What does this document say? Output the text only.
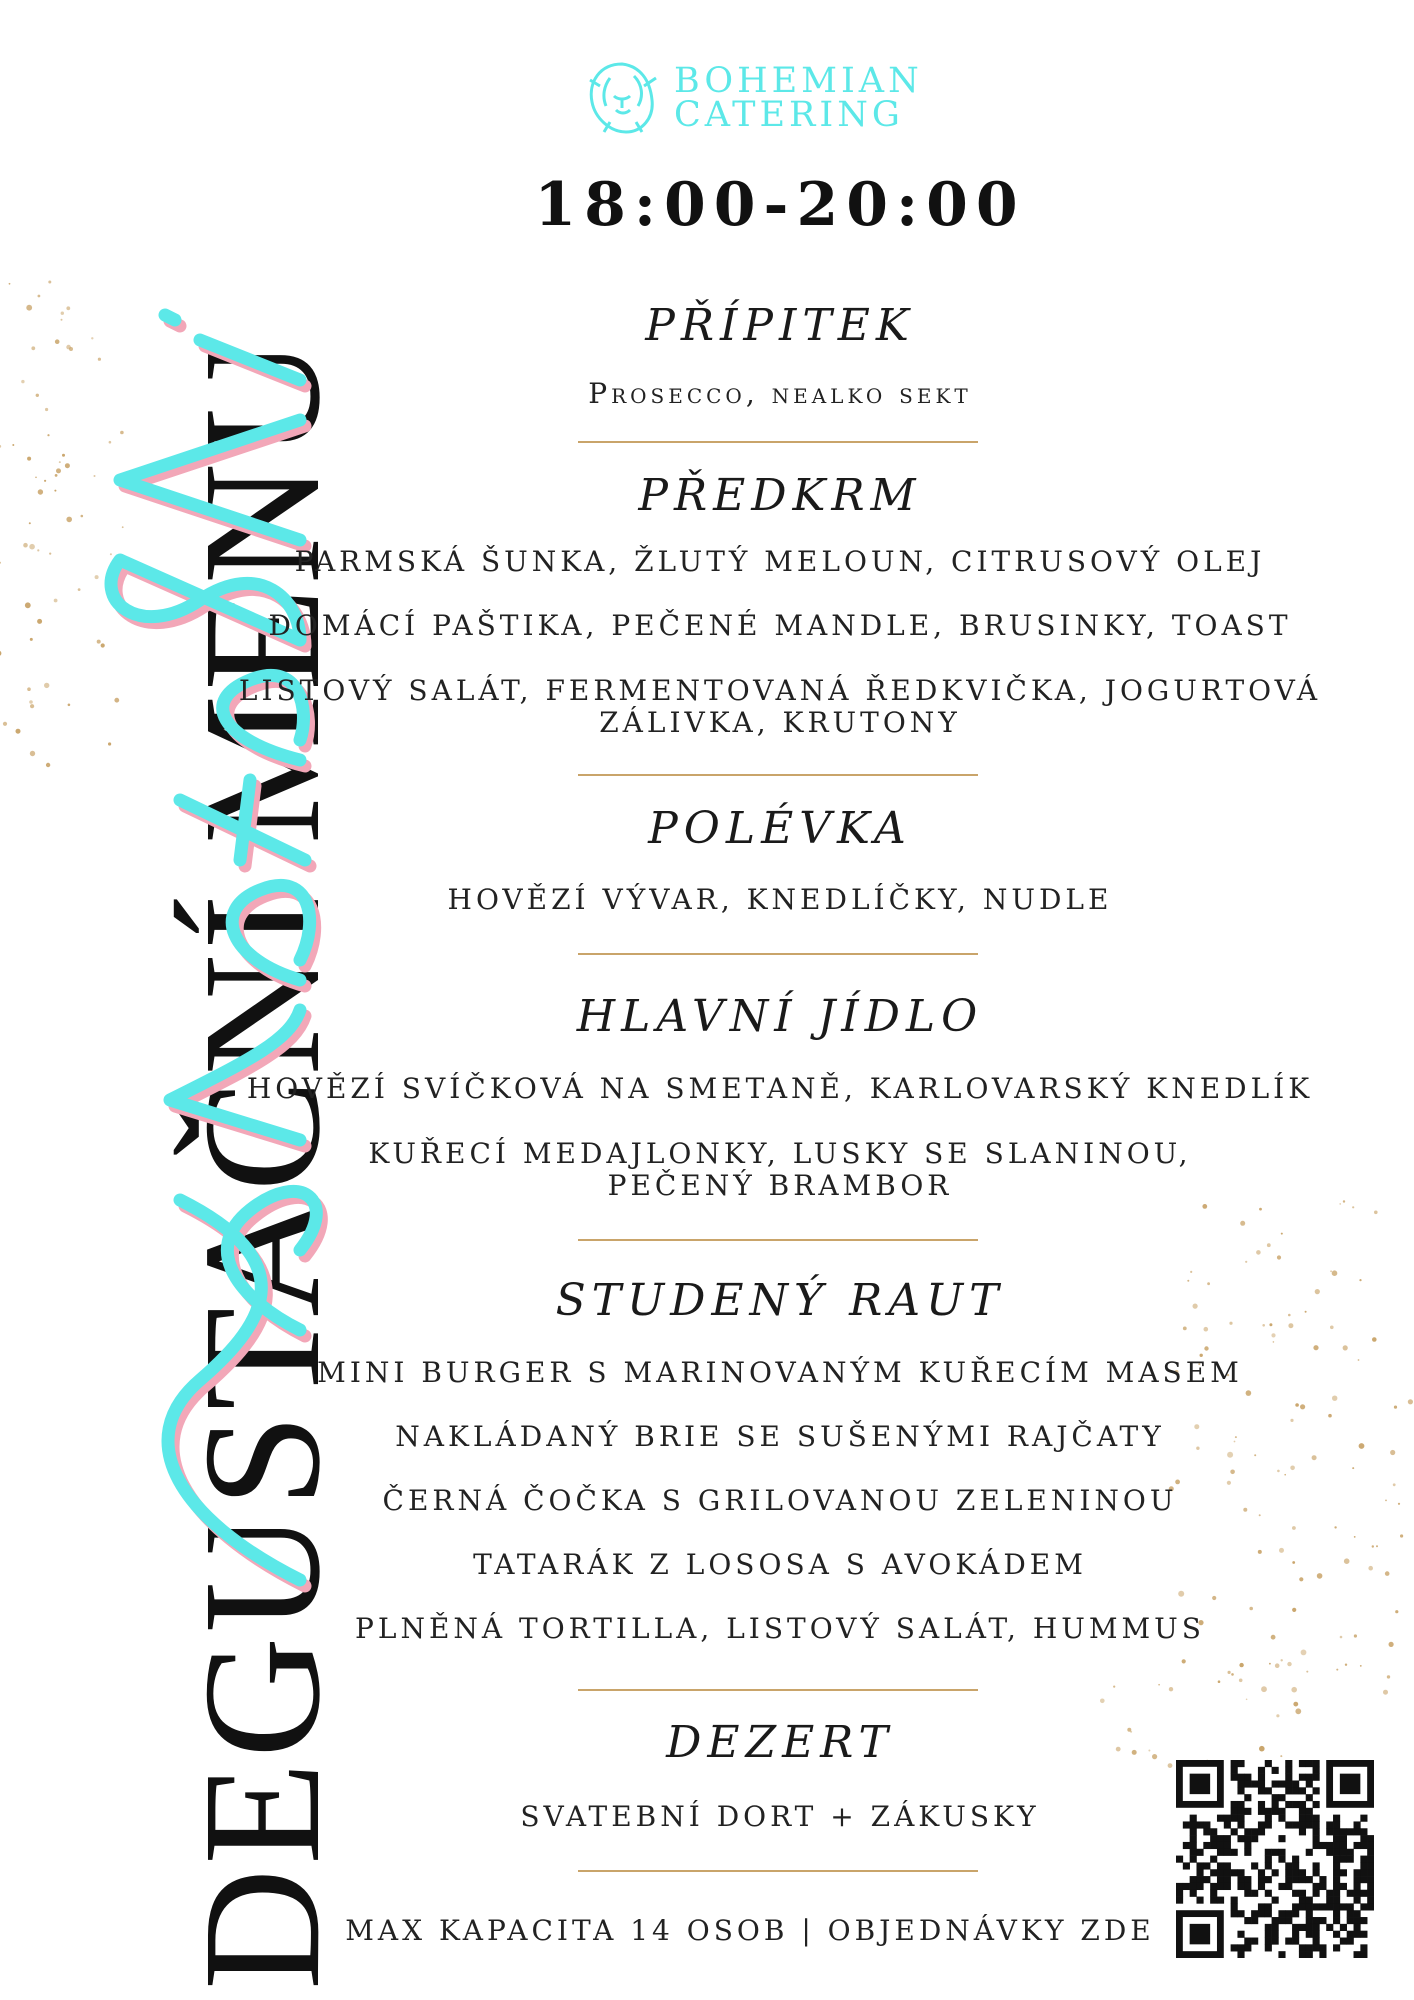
DEGUSTAČNÍ MENU
BOHEMIAN
CATERING
18:00-20:00
PŘÍPITEK
Prosecco, nealko sekt
PŘEDKRM
PARMSKÁ ŠUNKA, ŽLUTÝ MELOUN, CITRUSOVÝ OLEJ
DOMÁCÍ PAŠTIKA, PEČENÉ MANDLE, BRUSINKY, TOAST
LISTOVÝ SALÁT, FERMENTOVANÁ ŘEDKVIČKA, JOGURTOVÁ
ZÁLIVKA, KRUTONY
POLÉVKA
HOVĚZÍ VÝVAR, KNEDLÍČKY, NUDLE
HLAVNÍ JÍDLO
HOVĚZÍ SVÍČKOVÁ NA SMETANĚ, KARLOVARSKÝ KNEDLÍK
KUŘECÍ MEDAJLONKY, LUSKY SE SLANINOU,
PEČENÝ BRAMBOR
STUDENÝ RAUT
MINI BURGER S MARINOVANÝM KUŘECÍM MASEM
NAKLÁDANÝ BRIE SE SUŠENÝMI RAJČATY
ČERNÁ ČOČKA S GRILOVANOU ZELENINOU
TATARÁK Z LOSOSA S AVOKÁDEM
PLNĚNÁ TORTILLA, LISTOVÝ SALÁT, HUMMUS
DEZERT
SVATEBNÍ DORT + ZÁKUSKY
MAX KAPACITA 14 OSOB | OBJEDNÁVKY ZDE
